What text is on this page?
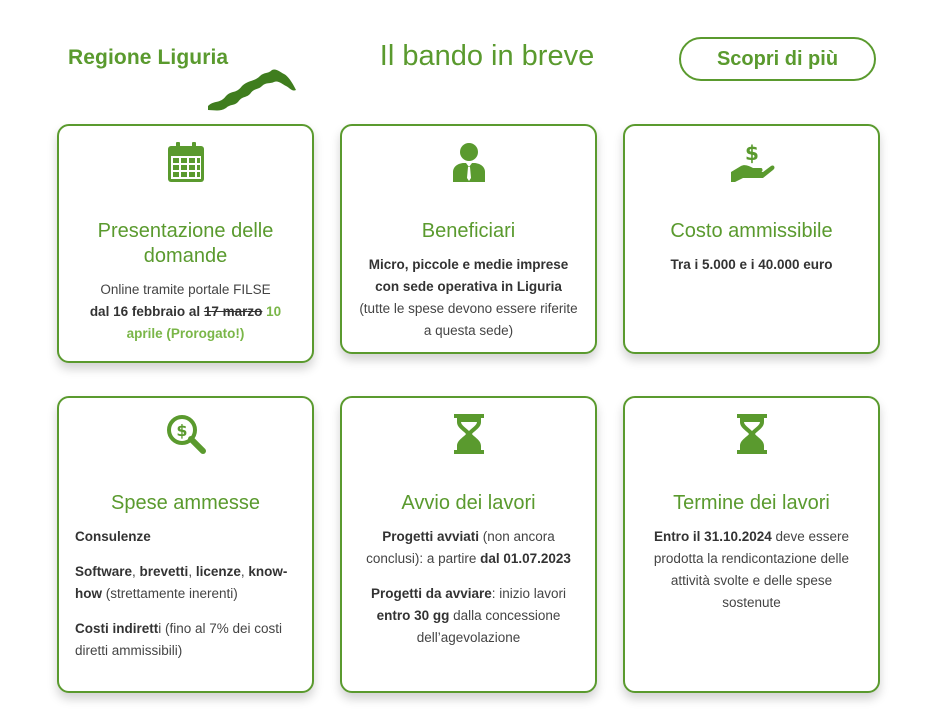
Regione Liguria	Il bando in breve	Scopri di più
Presentazione delle domande
Online tramite portale FILSE
dal 16 febbraio al 17 marzo 10 aprile (Prorogato!)
Beneficiari
Micro, piccole e medie imprese con sede operativa in Liguria
(tutte le spese devono essere riferite a questa sede)
$
Costo ammissibile
Tra i 5.000 e i 40.000 euro
$
Spese ammesse

Consulenze

Software, brevetti, licenze, know-how (strettamente inerenti)

Costi indiretti (fino al 7% dei costi diretti ammissibili)

Avvio dei lavori

Progetti avviati (non ancora conclusi): a partire dal 01.07.2023

Progetti da avviare: inizio lavori entro 30 gg dalla concessione dell’agevolazione

Termine dei lavori
Entro il 31.10.2024 deve essere prodotta la rendicontazione delle attività svolte e delle spese sostenute
